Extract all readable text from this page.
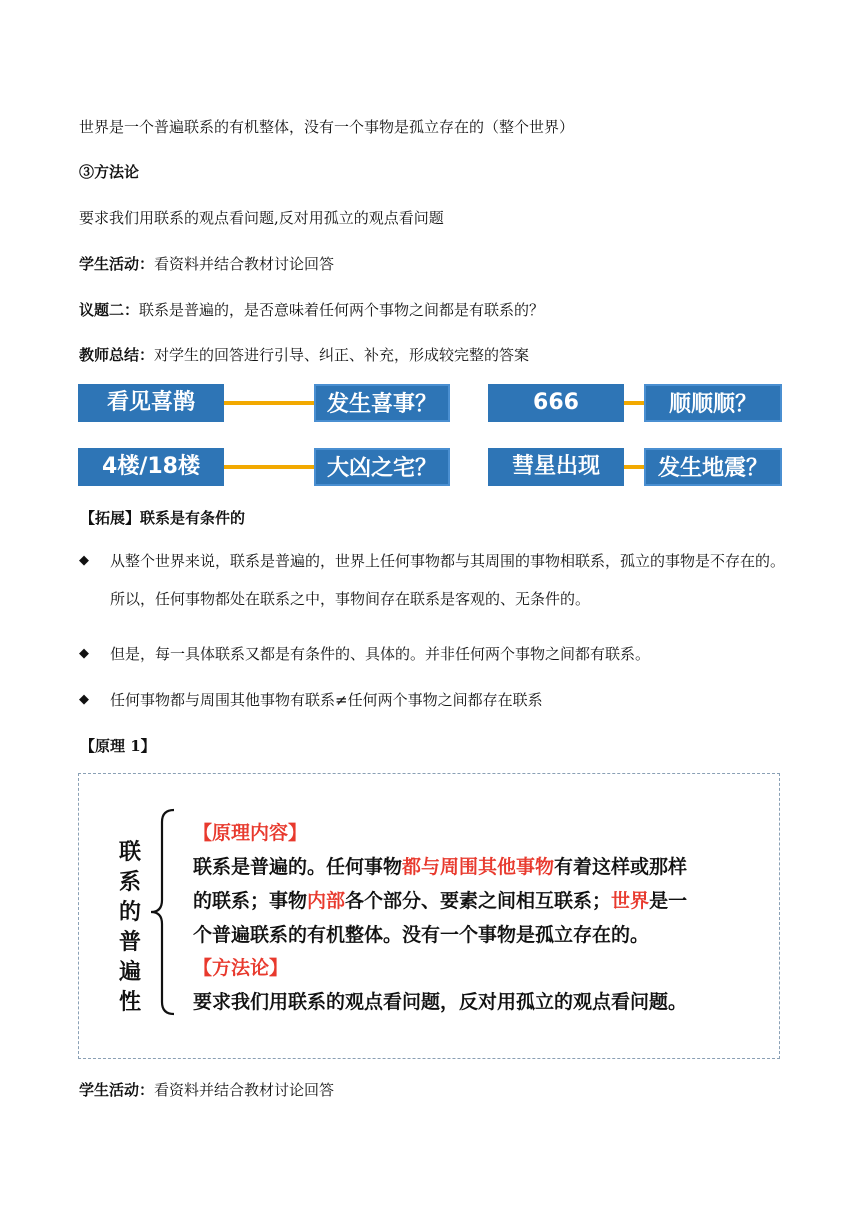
世界是一个普遍联系的有机整体，没有一个事物是孤立存在的（整个世界）
③方法论
要求我们用联系的观点看问题,反对用孤立的观点看问题
学生活动：看资料并结合教材讨论回答
议题二：联系是普遍的，是否意味着任何两个事物之间都是有联系的？
教师总结：对学生的回答进行引导、纠正、补充，形成较完整的答案
看见喜鹊	发生喜事？	666	顺顺顺？
4楼/18楼	大凶之宅？	彗星出现	发生地震？
【拓展】联系是有条件的
◆ 从整个世界来说，联系是普遍的，世界上任何事物都与其周围的事物相联系，孤立的事物是不存在的。所以，任何事物都处在联系之中，事物间存在联系是客观的、无条件的。
◆ 但是，每一具体联系又都是有条件的、具体的。并非任何两个事物之间都有联系。
◆ 任何事物都与周围其他事物有联系≠任何两个事物之间都存在联系
【原理 1】
联
系
的
普
遍
性
【原理内容】
联系是普遍的。任何事物都与周围其他事物有着这样或那样
的联系；事物内部各个部分、要素之间相互联系；世界是一
个普遍联系的有机整体。没有一个事物是孤立存在的。
【方法论】
要求我们用联系的观点看问题，反对用孤立的观点看问题。
学生活动：看资料并结合教材讨论回答
